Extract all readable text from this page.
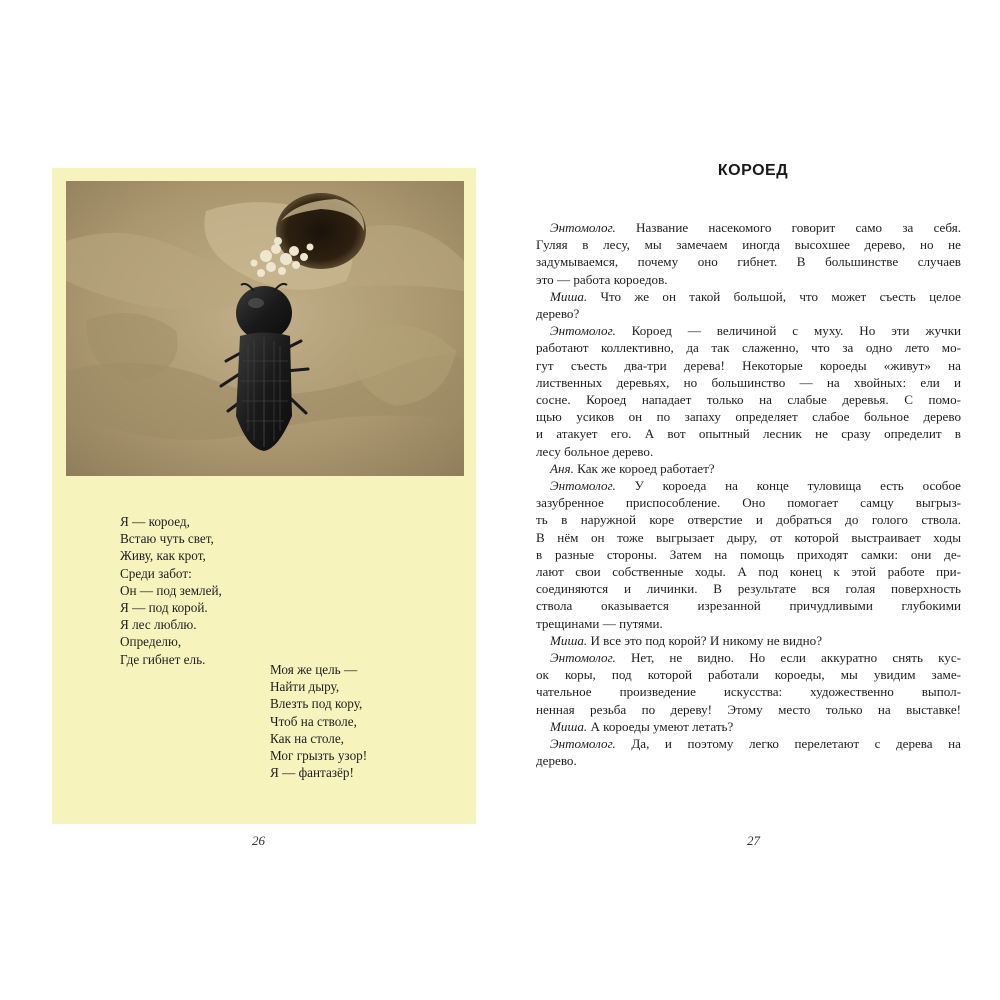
Я — короед,
Встаю чуть свет,
Живу, как крот,
Среди забот:
Он — под землей,
Я — под корой.
Я лес люблю.
Определю,
Где гибнет ель.
Моя же цель —
Найти дыру,
Влезть под кору,
Чтоб на стволе,
Как на столе,
Мог грызть узор!
Я — фантазёр!
26
КОРОЕД
Энтомолог. Название насекомого говорит само за себя.
Гуляя в лесу, мы замечаем иногда высохшее дерево, но не
задумываемся, почему оно гибнет. В большинстве случаев
это — работа короедов.
Миша. Что же он такой большой, что может съесть целое
дерево?
Энтомолог. Короед — величиной с муху. Но эти жучки
работают коллективно, да так слаженно, что за одно лето мо-
гут съесть два-три дерева! Некоторые короеды «живут» на
лиственных деревьях, но большинство — на хвойных: ели и
сосне. Короед нападает только на слабые деревья. С помо-
щью усиков он по запаху определяет слабое больное дерево
и атакует его. А вот опытный лесник не сразу определит в
лесу больное дерево.
Аня. Как же короед работает?
Энтомолог. У короеда на конце туловища есть особое
зазубренное приспособление. Оно помогает самцу выгрыз-
ть в наружной коре отверстие и добраться до голого ствола.
В нём он тоже выгрызает дыру, от которой выстраивает ходы
в разные стороны. Затем на помощь приходят самки: они де-
лают свои собственные ходы. А под конец к этой работе при-
соединяются и личинки. В результате вся голая поверхность
ствола оказывается изрезанной причудливыми глубокими
трещинами — путями.
Миша. И все это под корой? И никому не видно?
Энтомолог. Нет, не видно. Но если аккуратно снять кус-
ок коры, под которой работали короеды, мы увидим заме-
чательное произведение искусства: художественно выпол-
ненная резьба по дереву! Этому место только на выставке!
Миша. А короеды умеют летать?
Энтомолог. Да, и поэтому легко перелетают с дерева на
дерево.
27
